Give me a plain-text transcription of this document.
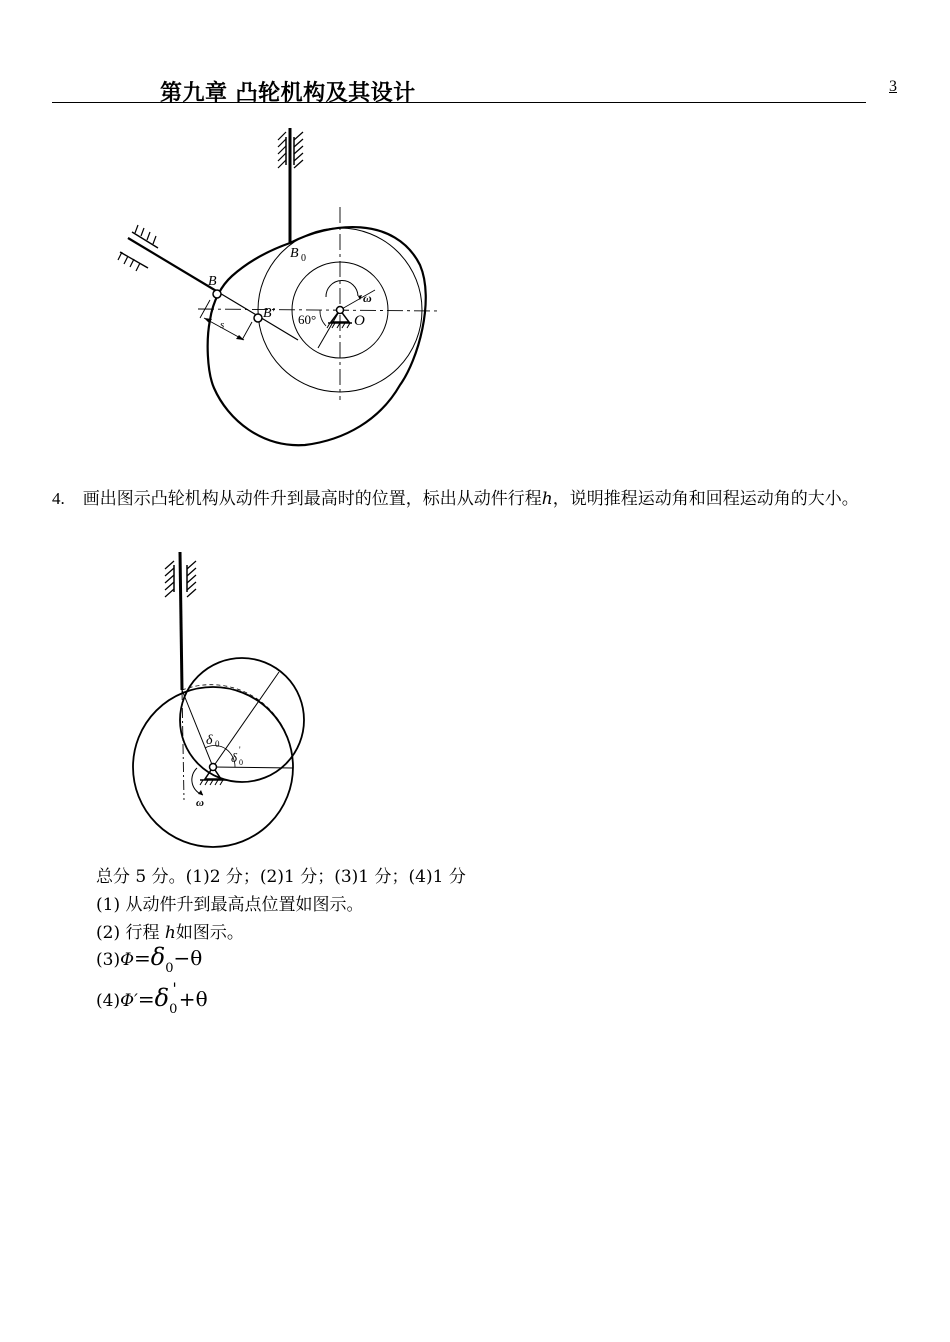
第九章 凸轮机构及其设计	3
B 0
B
B′
ω
60°	O
s
4. 画出图示凸轮机构从动件升到最高时的位置，标出从动件行程h，说明推程运动角和回程运动角的大小。
δ 0
δ 0
'
ω
总分 5 分。(1)2 分；(2)1 分；(3)1 分；(4)1 分
(1) 从动件升到最高点位置如图示。
(2) 行程 h如图示。
$(3)\Phi=\delta_0-\theta$
$(4)\Phi'=\delta_0' +\theta$
